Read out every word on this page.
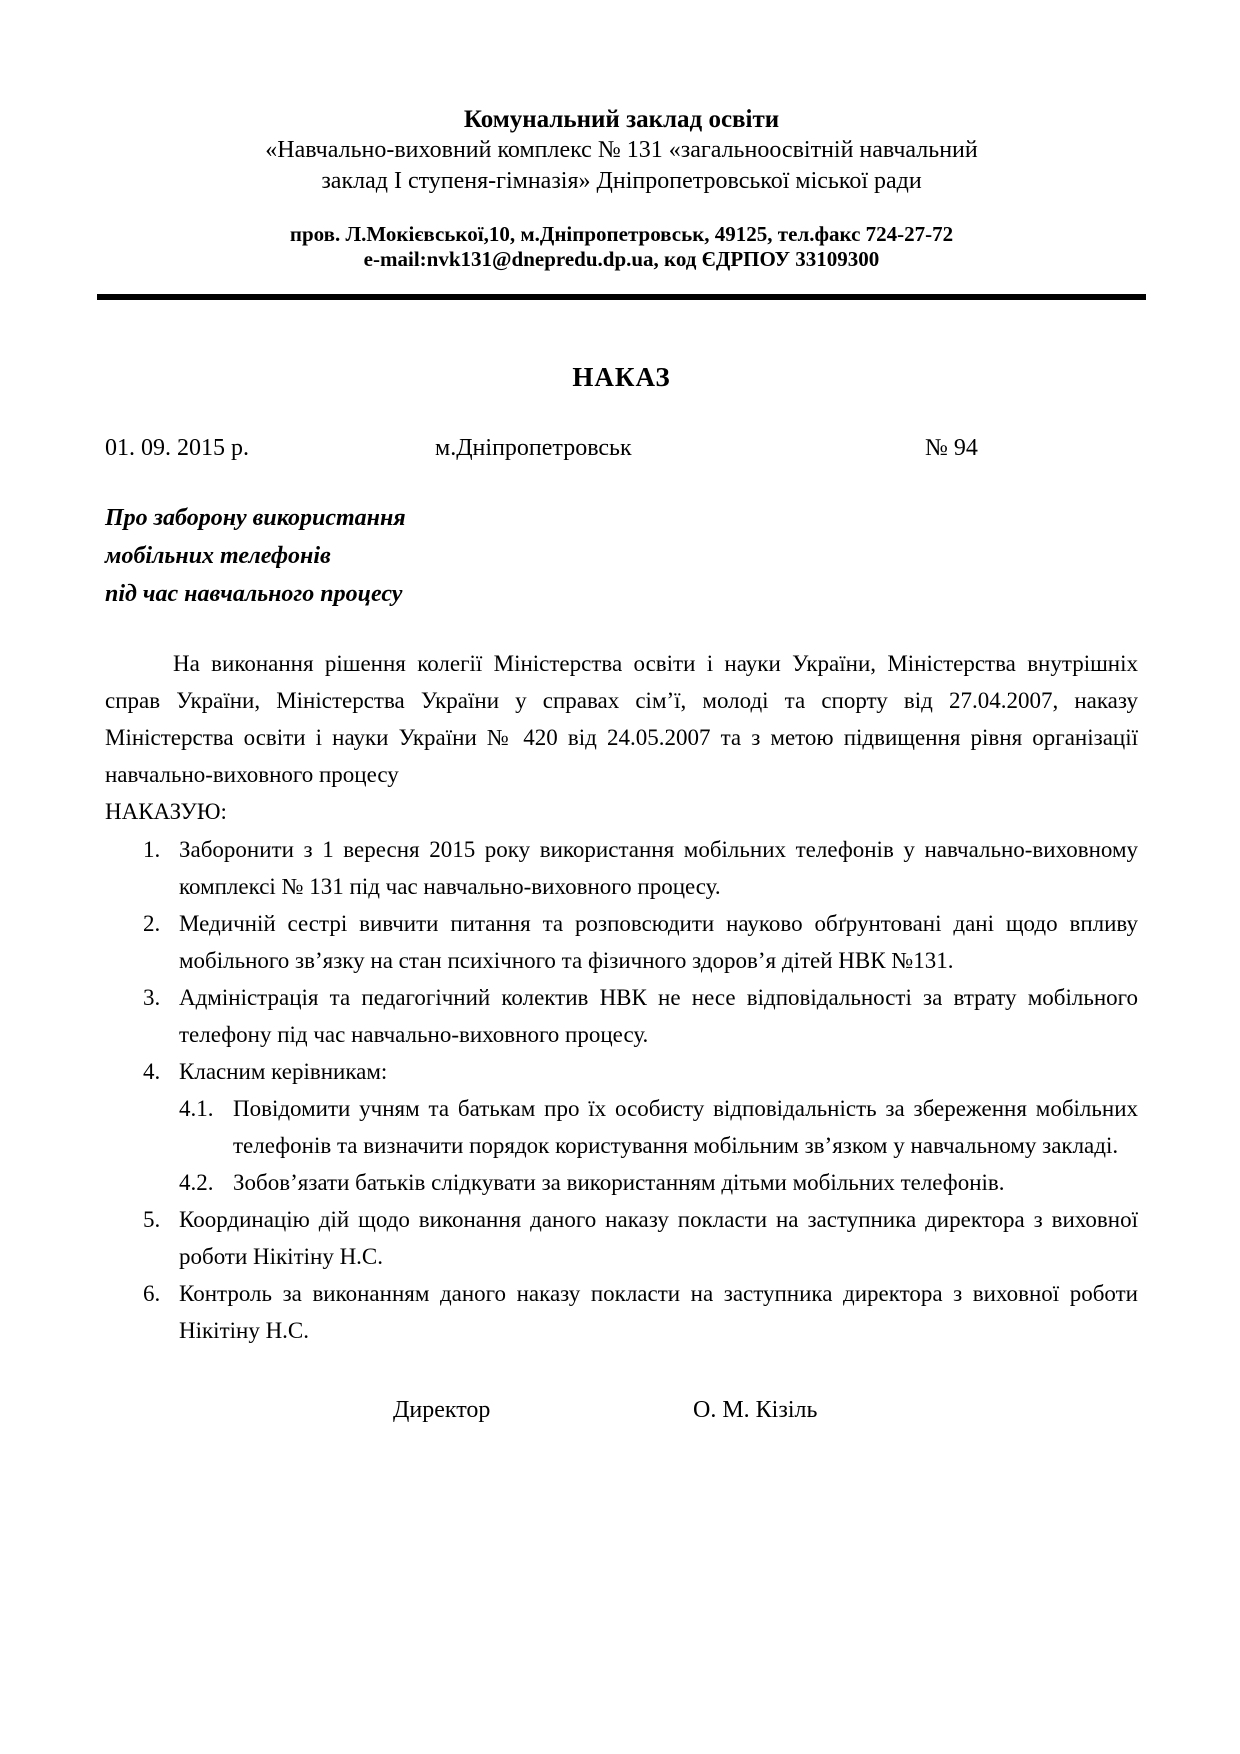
Комунальний заклад освіти
«Навчально-виховний комплекс № 131 «загальноосвітній навчальний
заклад І ступеня-гімназія» Дніпропетровської міської ради
пров. Л.Мокієвської,10, м.Дніпропетровськ, 49125, тел.факс 724-27-72
e-mail:nvk131@dnepredu.dp.ua, код ЄДРПОУ 33109300
НАКАЗ
01. 09. 2015 р.	м.Дніпропетровськ	№ 94
Про заборону використання
мобільних телефонів
під час навчального процесу
На виконання рішення колегії Міністерства освіти і науки України, Міністерства внутрішніх справ України, Міністерства України у справах сім’ї, молоді та спорту від 27.04.2007, наказу Міністерства освіти і науки України № 420 від 24.05.2007 та з метою підвищення рівня організації навчально-виховного процесу
НАКАЗУЮ:
1. Заборонити з 1 вересня 2015 року використання мобільних телефонів у навчально-виховному комплексі № 131 під час навчально-виховного процесу.
2. Медичній сестрі вивчити питання та розповсюдити науково обґрунтовані дані щодо впливу мобільного зв’язку на стан психічного та фізичного здоров’я дітей НВК №131.
3. Адміністрація та педагогічний колектив НВК не несе відповідальності за втрату мобільного телефону під час навчально-виховного процесу.
4. Класним керівникам:
4.1. Повідомити учням та батькам про їх особисту відповідальність за збереження мобільних телефонів та визначити порядок користування мобільним зв’язком у навчальному закладі.
4.2. Зобов’язати батьків слідкувати за використанням дітьми мобільних телефонів.
5. Координацію дій щодо виконання даного наказу покласти на заступника директора з виховної роботи Нікітіну Н.С.
6. Контроль за виконанням даного наказу покласти на заступника директора з виховної роботи Нікітіну Н.С.
Директор	О. М. Кізіль
